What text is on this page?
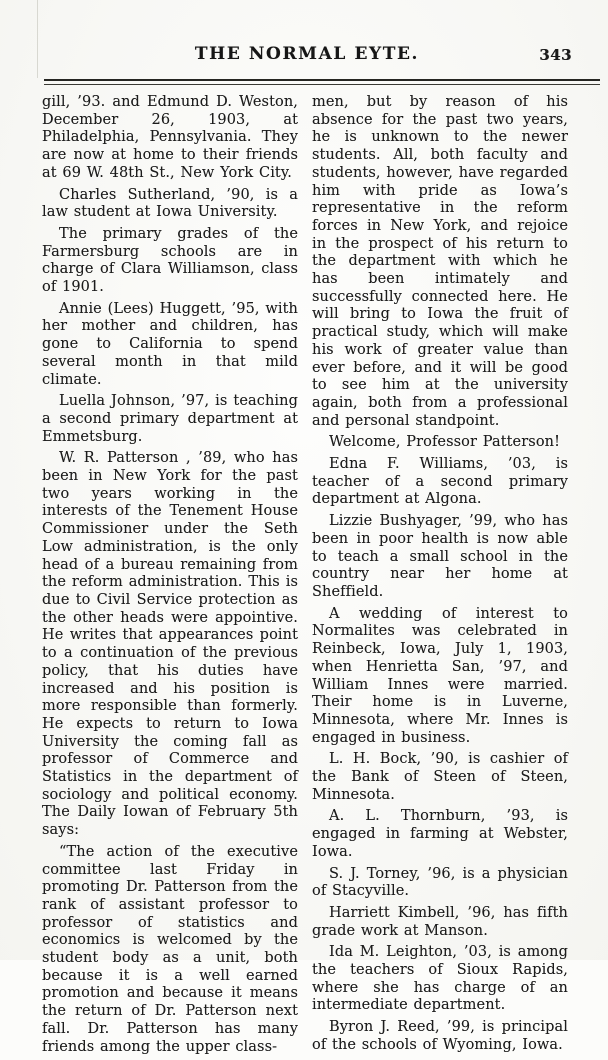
THE NORMAL EYTE.	343

gill, ’93. and Edmund D. Weston, December 26, 1903, at Philadelphia, Pennsylvania. They are now at home to their friends at 69 W. 48th St., New York City.

Charles Sutherland, ’90, is a law student at Iowa University.

The primary grades of the Farmersburg schools are in charge of Clara Williamson, class of 1901.

Annie (Lees) Huggett, ’95, with her mother and children, has gone to California to spend several month in that mild climate.

Luella Johnson, ’97, is teaching a second primary department at Emmetsburg.

W. R. Patterson , ’89, who has been in New York for the past two years working in the interests of the Tenement House Commissioner under the Seth Low administration, is the only head of a bureau remaining from the reform administration. This is due to Civil Service protection as the other heads were appointive. He writes that appearances point to a continuation of the previous policy, that his duties have increased and his position is more responsible than formerly. He expects to return to Iowa University the coming fall as professor of Commerce and Statistics in the department of sociology and political economy. The Daily Iowan of February 5th says:

“The action of the executive committee last Friday in promoting Dr. Patterson from the rank of assistant professor to professor of statistics and economics is welcomed by the student body as a unit, both because it is a well earned promotion and because it means the return of Dr. Patterson next fall. Dr. Patterson has many friends among the upper class-

men, but by reason of his absence for the past two years, he is unknown to the newer students. All, both faculty and students, however, have regarded him with pride as Iowa’s representative in the reform forces in New York, and rejoice in the prospect of his return to the department with which he has been intimately and successfully connected here. He will bring to Iowa the fruit of practical study, which will make his work of greater value than ever before, and it will be good to see him at the university again, both from a professional and personal standpoint.

Welcome, Professor Patterson!

Edna F. Williams, ’03, is teacher of a second primary department at Algona.

Lizzie Bushyager, ’99, who has been in poor health is now able to teach a small school in the country near her home at Sheffield.

A wedding of interest to Normalites was celebrated in Reinbeck, Iowa, July 1, 1903, when Henrietta San, ’97, and William Innes were married. Their home is in Luverne, Minnesota, where Mr. Innes is engaged in business.

L. H. Bock, ’90, is cashier of the Bank of Steen of Steen, Minnesota.

A. L. Thornburn, ’93, is engaged in farming at Webster, Iowa.

S. J. Torney, ’96, is a physician of Stacyville.

Harriett Kimbell, ’96, has fifth grade work at Manson.

Ida M. Leighton, ’03, is among the teachers of Sioux Rapids, where she has charge of an intermediate department.

Byron J. Reed, ’99, is principal of the schools of Wyoming, Iowa.
